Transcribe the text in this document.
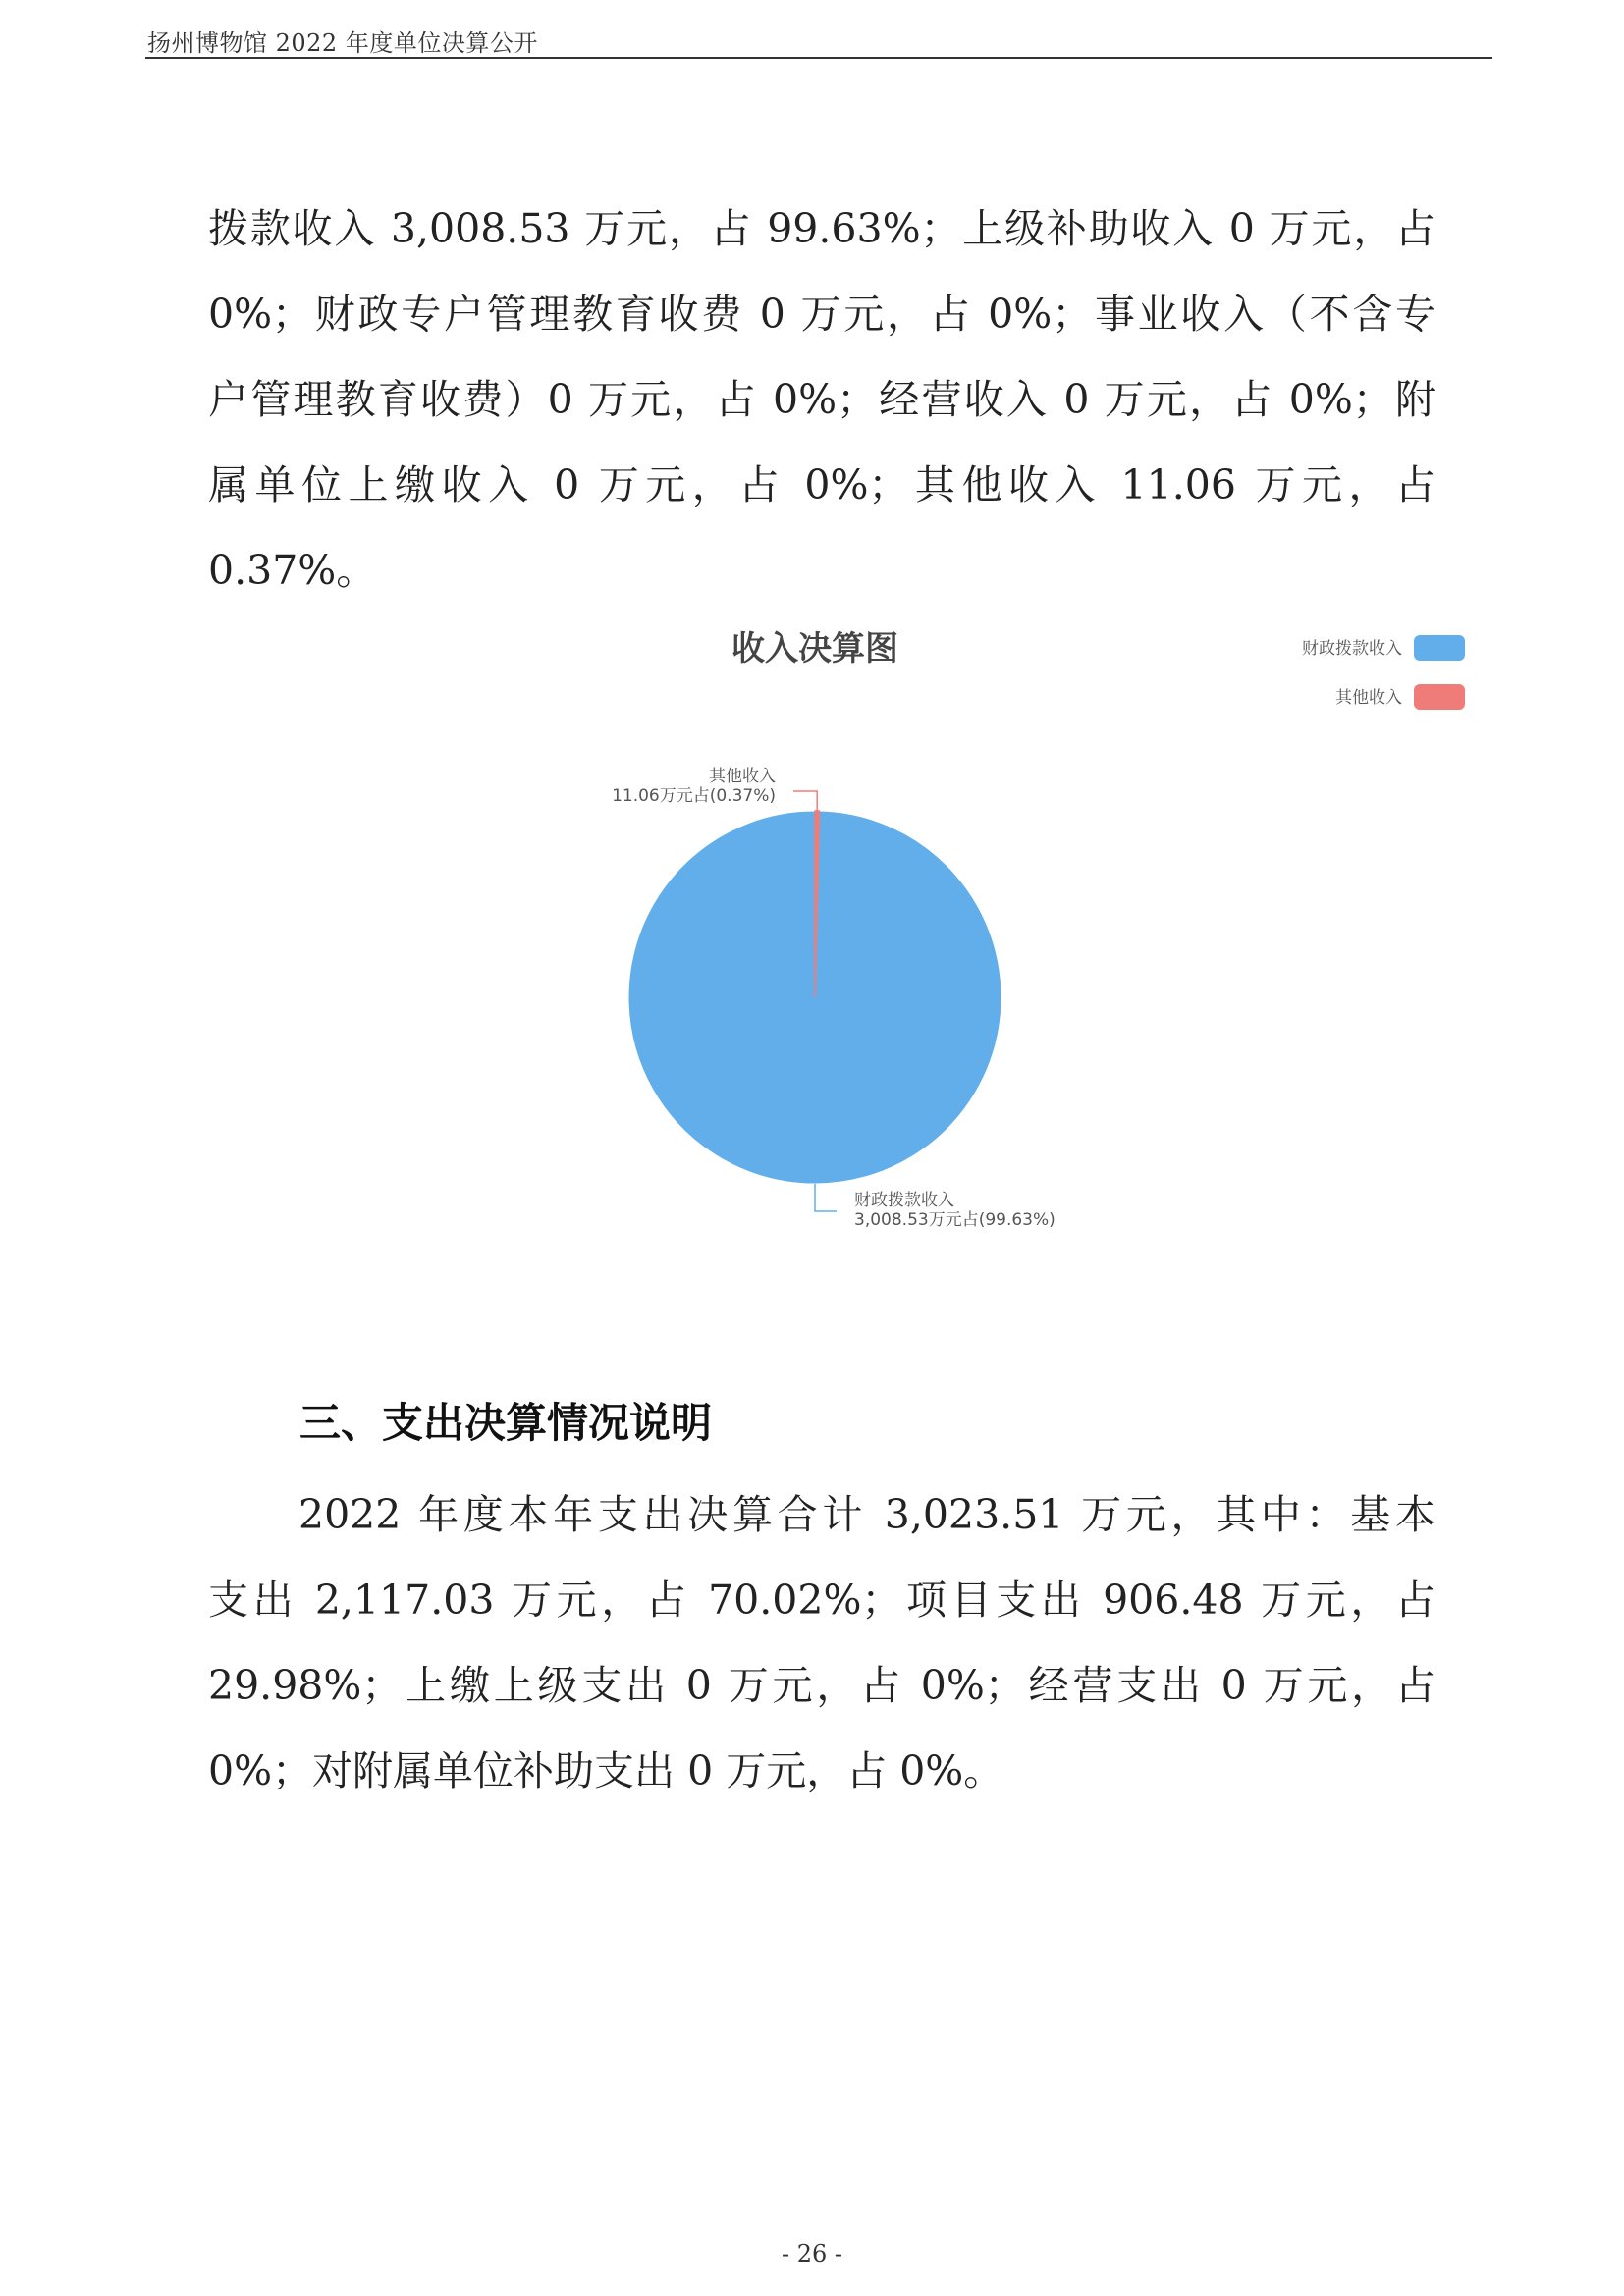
扬州博物馆 2022 年度单位决算公开
拨款收入 3,008.53 万元，占 99.63%；上级补助收入 0 万元，占
0%；财政专户管理教育收费 0 万元，占 0%；事业收入（不含专
户管理教育收费）0 万元，占 0%；经营收入 0 万元，占 0%；附
属单位上缴收入 0 万元，占 0%；其他收入 11.06 万元，占
0.37%。
收入决算图	财政拨款收入
其他收入
其他收入
11.06万元占(0.37%)
财政拨款收入
3,008.53万元占(99.63%)
三、支出决算情况说明
2022 年度本年支出决算合计 3,023.51 万元，其中：基本
支出 2,117.03 万元，占 70.02%；项目支出 906.48 万元，占
29.98%；上缴上级支出 0 万元，占 0%；经营支出 0 万元，占
0%；对附属单位补助支出 0 万元，占 0%。
- 26 -
